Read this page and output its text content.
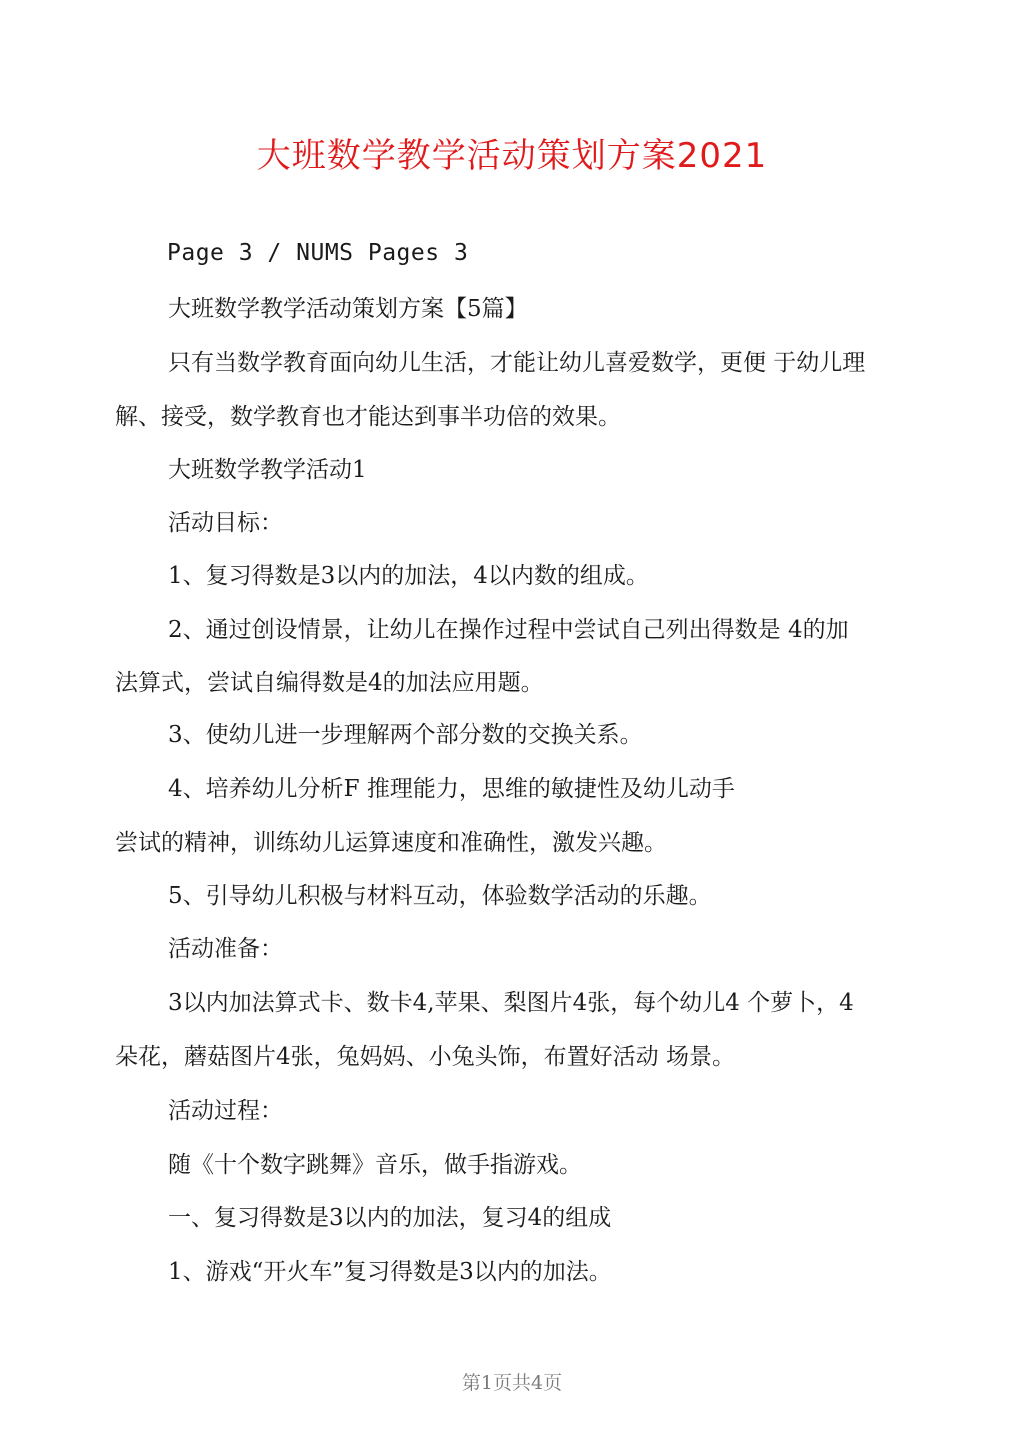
大班数学教学活动策划方案2021
Page 3 / NUMS Pages 3
大班数学教学活动策划方案【5篇】
只有当数学教育面向幼儿生活，才能让幼儿喜爱数学，更便 于幼儿理
解、接受，数学教育也才能达到事半功倍的效果。
大班数学教学活动1
活动目标：
1、复习得数是3以内的加法，4以内数的组成。
2、通过创设情景，让幼儿在操作过程中尝试自己列出得数是 4的加
法算式，尝试自编得数是4的加法应用题。
3、使幼儿进一步理解两个部分数的交换关系。
4、培养幼儿分析F 推理能力，思维的敏捷性及幼儿动手
尝试的精神，训练幼儿运算速度和准确性，激发兴趣。
5、引导幼儿积极与材料互动，体验数学活动的乐趣。
活动准备：
3以内加法算式卡、数卡4,苹果、梨图片4张，每个幼儿4 个萝卜，4
朵花，蘑菇图片4张，兔妈妈、小兔头饰，布置好活动 场景。
活动过程：
随《十个数字跳舞》音乐，做手指游戏。
一、复习得数是3以内的加法，复习4的组成
1、游戏“开火车”复习得数是3以内的加法。
第1页共4页
